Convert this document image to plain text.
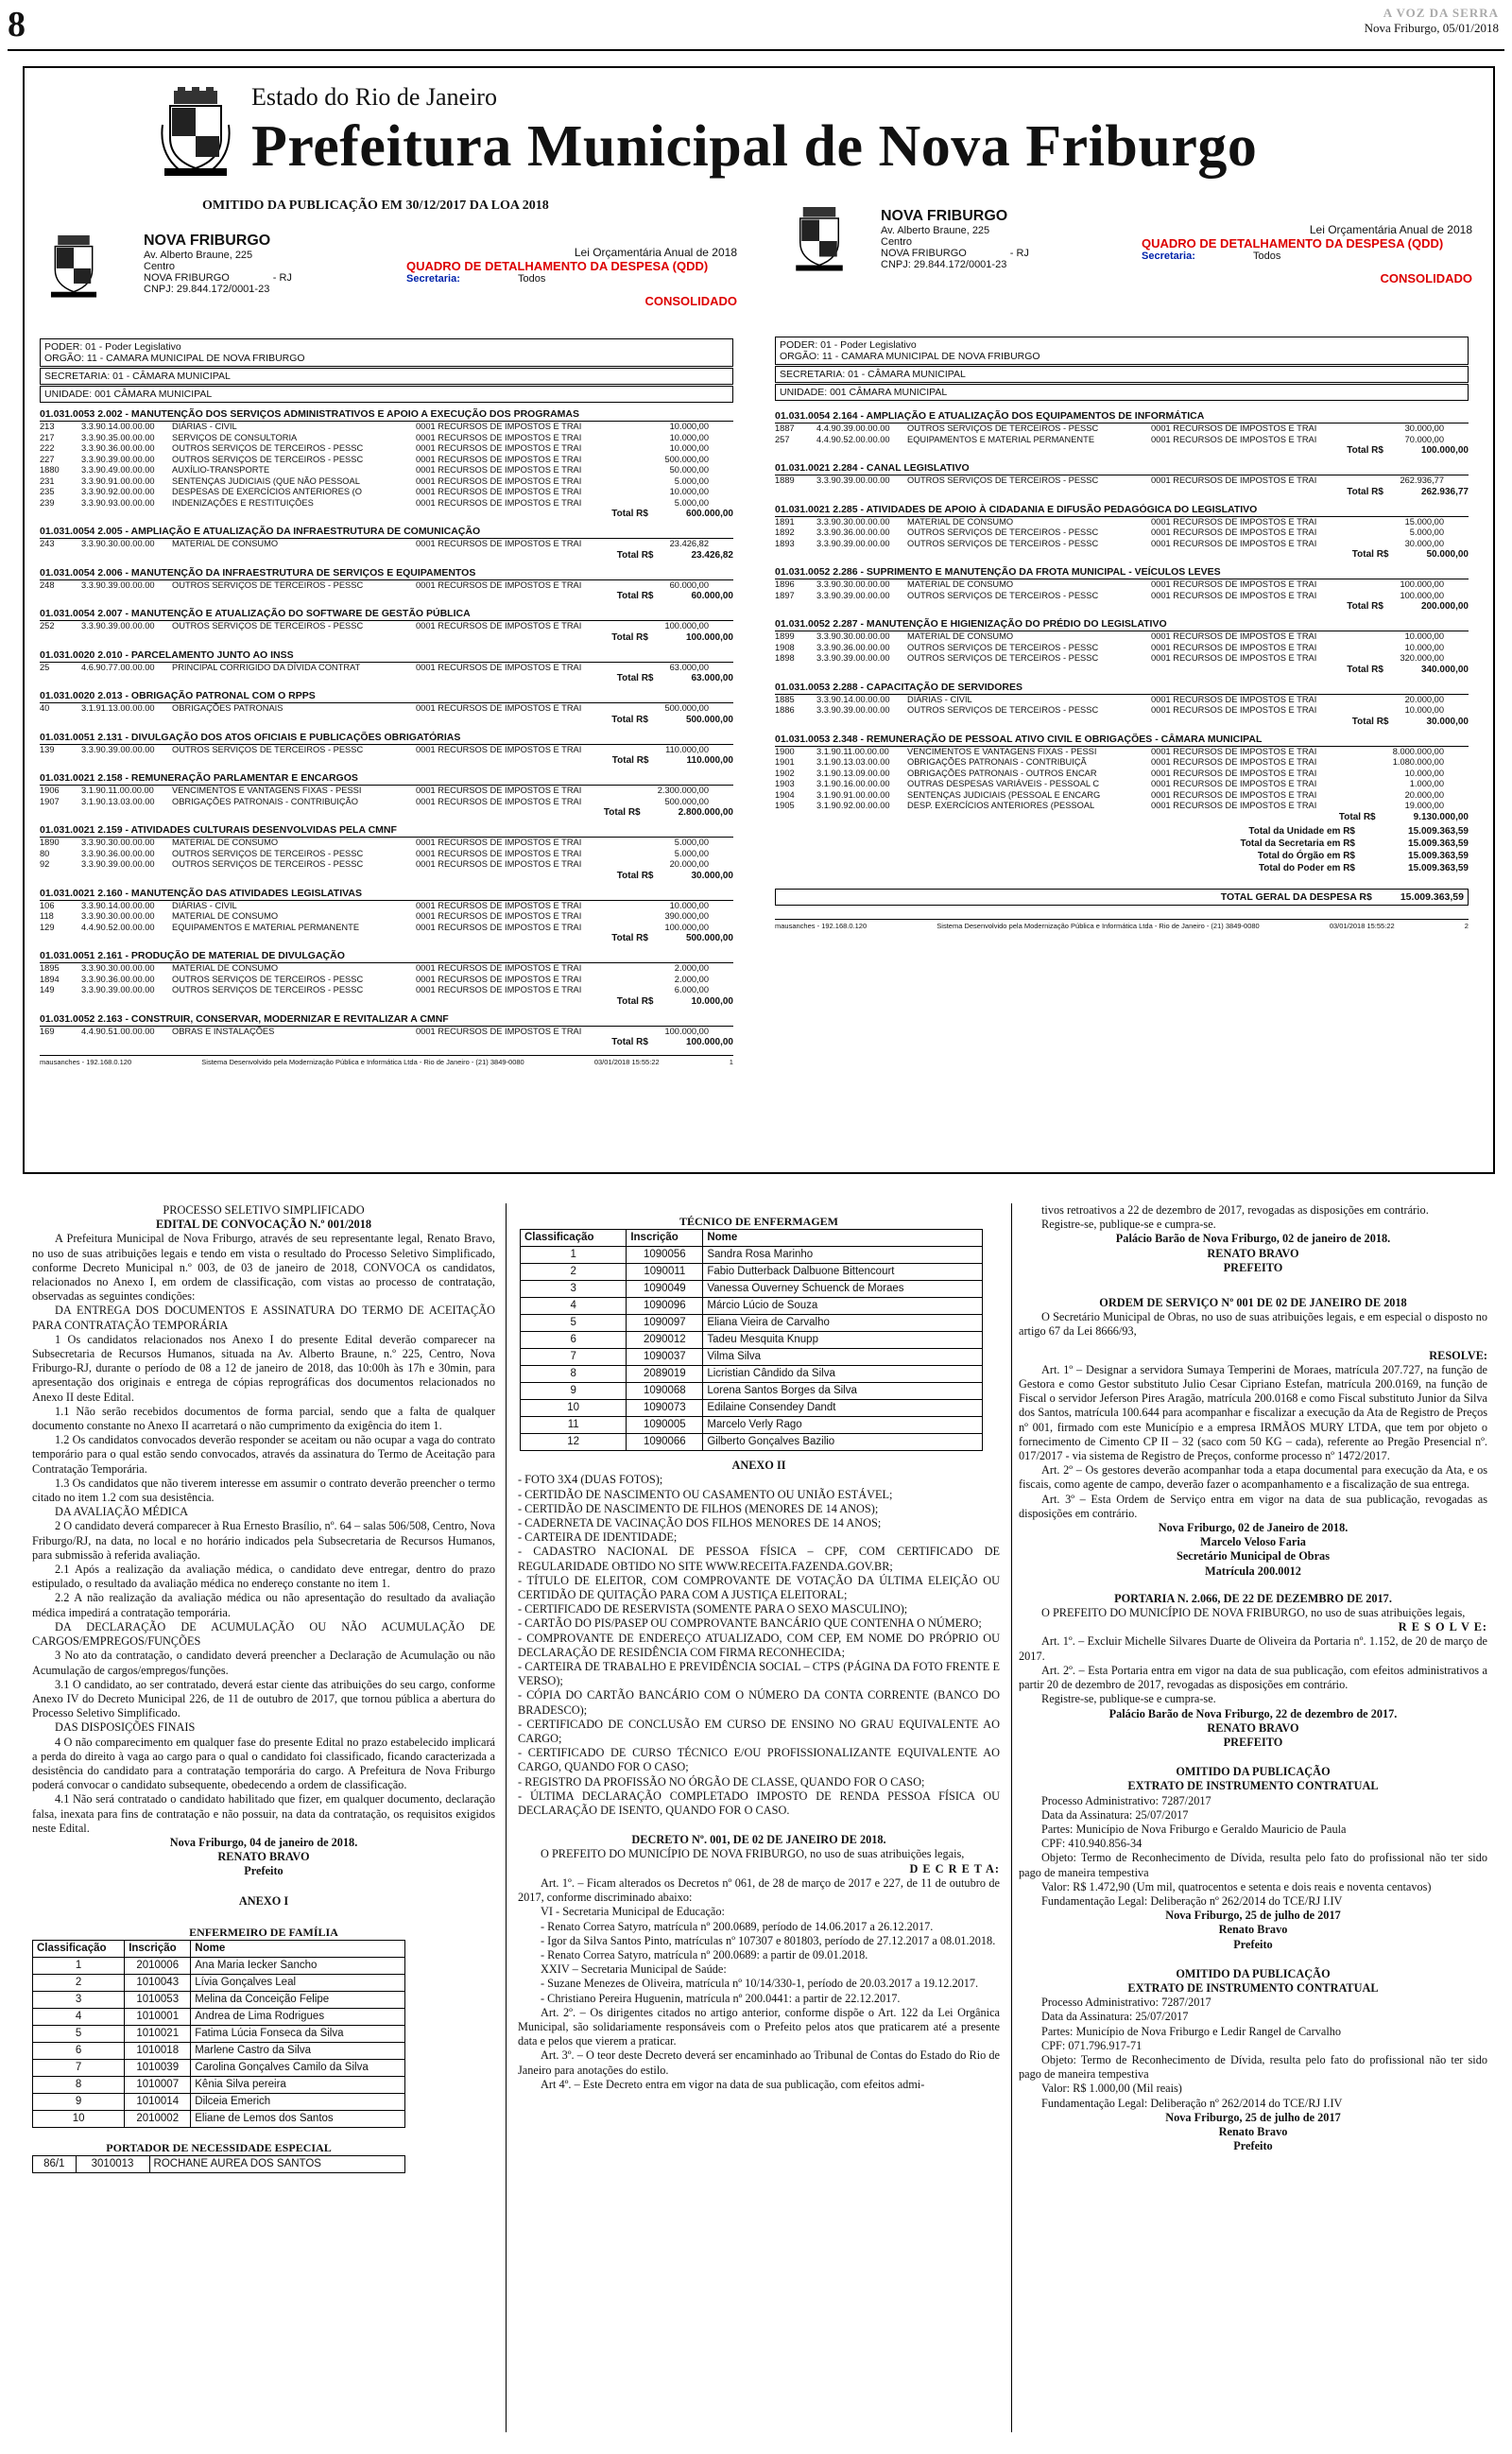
8	A VOZ DA SERRA
Nova Friburgo, 05/01/2018
Estado do Rio de Janeiro
Prefeitura Municipal de Nova Friburgo
OMITIDO DA PUBLICAÇÃO EM 30/12/2017 DA LOA 2018
NOVA FRIBURGO
Av. Alberto Braune, 225
Centro
NOVA FRIBURGO	- RJ
CNPJ: 29.844.172/0001-23
Lei Orçamentária Anual de 2018
QUADRO DE DETALHAMENTO DA DESPESA (QDD)
Secretaria:	Todos
CONSOLIDADO
PODER: 01 - Poder Legislativo
ORGÃO: 11 - CAMARA MUNICIPAL DE NOVA FRIBURGO
SECRETARIA: 01 - CÂMARA MUNICIPAL
UNIDADE: 001 CÂMARA MUNICIPAL
01.031.0053 2.002 - MANUTENÇÃO DOS SERVIÇOS ADMINISTRATIVOS E APOIO A EXECUÇÃO DOS PROGRAMAS
213	3.3.90.14.00.00.00	DIÁRIAS - CIVIL	0001 RECURSOS DE IMPOSTOS E TRAI	10.000,00
217	3.3.90.35.00.00.00	SERVIÇOS DE CONSULTORIA	0001 RECURSOS DE IMPOSTOS E TRAI	10.000,00
222	3.3.90.36.00.00.00	OUTROS SERVIÇOS DE TERCEIROS - PESSC	0001 RECURSOS DE IMPOSTOS E TRAI	10.000,00
227	3.3.90.39.00.00.00	OUTROS SERVIÇOS DE TERCEIROS - PESSC	0001 RECURSOS DE IMPOSTOS E TRAI	500.000,00
1880	3.3.90.49.00.00.00	AUXÍLIO-TRANSPORTE	0001 RECURSOS DE IMPOSTOS E TRAI	50.000,00
231	3.3.90.91.00.00.00	SENTENÇAS JUDICIAIS (QUE NÃO PESSOAL	0001 RECURSOS DE IMPOSTOS E TRAI	5.000,00
235	3.3.90.92.00.00.00	DESPESAS DE EXERCÍCIOS ANTERIORES (O	0001 RECURSOS DE IMPOSTOS E TRAI	10.000,00
239	3.3.90.93.00.00.00	INDENIZAÇÕES E RESTITUIÇÕES	0001 RECURSOS DE IMPOSTOS E TRAI	5.000,00
Total R$	600.000,00
01.031.0054 2.005 - AMPLIAÇÃO E ATUALIZAÇÃO DA INFRAESTRUTURA DE COMUNICAÇÃO
243	3.3.90.30.00.00.00	MATERIAL DE CONSUMO	0001 RECURSOS DE IMPOSTOS E TRAI	23.426,82
Total R$	23.426,82
01.031.0054 2.006 - MANUTENÇÃO DA INFRAESTRUTURA DE SERVIÇOS E EQUIPAMENTOS
248	3.3.90.39.00.00.00	OUTROS SERVIÇOS DE TERCEIROS - PESSC	0001 RECURSOS DE IMPOSTOS E TRAI	60.000,00
Total R$	60.000,00
01.031.0054 2.007 - MANUTENÇÃO E ATUALIZAÇÃO DO SOFTWARE DE GESTÃO PÚBLICA
252	3.3.90.39.00.00.00	OUTROS SERVIÇOS DE TERCEIROS - PESSC	0001 RECURSOS DE IMPOSTOS E TRAI	100.000,00
Total R$	100.000,00
01.031.0020 2.010 - PARCELAMENTO JUNTO AO INSS
25	4.6.90.77.00.00.00	PRINCIPAL CORRIGIDO DA DÍVIDA CONTRAT	0001 RECURSOS DE IMPOSTOS E TRAI	63.000,00
Total R$	63.000,00
01.031.0020 2.013 - OBRIGAÇÃO PATRONAL COM O RPPS
40	3.1.91.13.00.00.00	OBRIGAÇÕES PATRONAIS	0001 RECURSOS DE IMPOSTOS E TRAI	500.000,00
Total R$	500.000,00
01.031.0051 2.131 - DIVULGAÇÃO DOS ATOS OFICIAIS E PUBLICAÇÕES OBRIGATÓRIAS
139	3.3.90.39.00.00.00	OUTROS SERVIÇOS DE TERCEIROS - PESSC	0001 RECURSOS DE IMPOSTOS E TRAI	110.000,00
Total R$	110.000,00
01.031.0021 2.158 - REMUNERAÇÃO PARLAMENTAR E ENCARGOS
1906	3.1.90.11.00.00.00	VENCIMENTOS E VANTAGENS FIXAS - PESSI	0001 RECURSOS DE IMPOSTOS E TRAI	2.300.000,00
1907	3.1.90.13.03.00.00	OBRIGAÇÕES PATRONAIS - CONTRIBUIÇÃO	0001 RECURSOS DE IMPOSTOS E TRAI	500.000,00
Total R$	2.800.000,00
01.031.0021 2.159 - ATIVIDADES CULTURAIS DESENVOLVIDAS PELA CMNF
1890	3.3.90.30.00.00.00	MATERIAL DE CONSUMO	0001 RECURSOS DE IMPOSTOS E TRAI	5.000,00
80	3.3.90.36.00.00.00	OUTROS SERVIÇOS DE TERCEIROS - PESSC	0001 RECURSOS DE IMPOSTOS E TRAI	5.000,00
92	3.3.90.39.00.00.00	OUTROS SERVIÇOS DE TERCEIROS - PESSC	0001 RECURSOS DE IMPOSTOS E TRAI	20.000,00
Total R$	30.000,00
01.031.0021 2.160 - MANUTENÇÃO DAS ATIVIDADES LEGISLATIVAS
106	3.3.90.14.00.00.00	DIÁRIAS - CIVIL	0001 RECURSOS DE IMPOSTOS E TRAI	10.000,00
118	3.3.90.30.00.00.00	MATERIAL DE CONSUMO	0001 RECURSOS DE IMPOSTOS E TRAI	390.000,00
129	4.4.90.52.00.00.00	EQUIPAMENTOS E MATERIAL PERMANENTE	0001 RECURSOS DE IMPOSTOS E TRAI	100.000,00
Total R$	500.000,00
01.031.0051 2.161 - PRODUÇÃO DE MATERIAL DE DIVULGAÇÃO
1895	3.3.90.30.00.00.00	MATERIAL DE CONSUMO	0001 RECURSOS DE IMPOSTOS E TRAI	2.000,00
1894	3.3.90.36.00.00.00	OUTROS SERVIÇOS DE TERCEIROS - PESSC	0001 RECURSOS DE IMPOSTOS E TRAI	2.000,00
149	3.3.90.39.00.00.00	OUTROS SERVIÇOS DE TERCEIROS - PESSC	0001 RECURSOS DE IMPOSTOS E TRAI	6.000,00
Total R$	10.000,00
01.031.0052 2.163 - CONSTRUIR, CONSERVAR, MODERNIZAR E REVITALIZAR A CMNF
169	4.4.90.51.00.00.00	OBRAS E INSTALAÇÕES	0001 RECURSOS DE IMPOSTOS E TRAI	100.000,00
Total R$	100.000,00
mausanches - 192.168.0.120	Sistema Desenvolvido pela Modernização Pública e Informática Ltda - Rio de Janeiro - (21) 3849-0080	03/01/2018 15:55:22	1
NOVA FRIBURGO
Av. Alberto Braune, 225
Centro
NOVA FRIBURGO	- RJ
CNPJ: 29.844.172/0001-23
Lei Orçamentária Anual de 2018
QUADRO DE DETALHAMENTO DA DESPESA (QDD)
Secretaria:	Todos
CONSOLIDADO
PODER: 01 - Poder Legislativo
ORGÃO: 11 - CAMARA MUNICIPAL DE NOVA FRIBURGO
SECRETARIA: 01 - CÂMARA MUNICIPAL
UNIDADE: 001 CÂMARA MUNICIPAL
01.031.0054 2.164 - AMPLIAÇÃO E ATUALIZAÇÃO DOS EQUIPAMENTOS DE INFORMÁTICA
1887	4.4.90.39.00.00.00	OUTROS SERVIÇOS DE TERCEIROS - PESSC	0001 RECURSOS DE IMPOSTOS E TRAI	30.000,00
257	4.4.90.52.00.00.00	EQUIPAMENTOS E MATERIAL PERMANENTE	0001 RECURSOS DE IMPOSTOS E TRAI	70.000,00
Total R$	100.000,00
01.031.0021 2.284 - CANAL LEGISLATIVO
1889	3.3.90.39.00.00.00	OUTROS SERVIÇOS DE TERCEIROS - PESSC	0001 RECURSOS DE IMPOSTOS E TRAI	262.936,77
Total R$	262.936,77
01.031.0021 2.285 - ATIVIDADES DE APOIO À CIDADANIA E DIFUSÃO PEDAGÓGICA DO LEGISLATIVO
1891	3.3.90.30.00.00.00	MATERIAL DE CONSUMO	0001 RECURSOS DE IMPOSTOS E TRAI	15.000,00
1892	3.3.90.36.00.00.00	OUTROS SERVIÇOS DE TERCEIROS - PESSC	0001 RECURSOS DE IMPOSTOS E TRAI	5.000,00
1893	3.3.90.39.00.00.00	OUTROS SERVIÇOS DE TERCEIROS - PESSC	0001 RECURSOS DE IMPOSTOS E TRAI	30.000,00
Total R$	50.000,00
01.031.0052 2.286 - SUPRIMENTO E MANUTENÇÃO DA FROTA MUNICIPAL - VEÍCULOS LEVES
1896	3.3.90.30.00.00.00	MATERIAL DE CONSUMO	0001 RECURSOS DE IMPOSTOS E TRAI	100.000,00
1897	3.3.90.39.00.00.00	OUTROS SERVIÇOS DE TERCEIROS - PESSC	0001 RECURSOS DE IMPOSTOS E TRAI	100.000,00
Total R$	200.000,00
01.031.0052 2.287 - MANUTENÇÃO E HIGIENIZAÇÃO DO PRÉDIO DO LEGISLATIVO
1899	3.3.90.30.00.00.00	MATERIAL DE CONSUMO	0001 RECURSOS DE IMPOSTOS E TRAI	10.000,00
1908	3.3.90.36.00.00.00	OUTROS SERVIÇOS DE TERCEIROS - PESSC	0001 RECURSOS DE IMPOSTOS E TRAI	10.000,00
1898	3.3.90.39.00.00.00	OUTROS SERVIÇOS DE TERCEIROS - PESSC	0001 RECURSOS DE IMPOSTOS E TRAI	320.000,00
Total R$	340.000,00
01.031.0053 2.288 - CAPACITAÇÃO DE SERVIDORES
1885	3.3.90.14.00.00.00	DIÁRIAS - CIVIL	0001 RECURSOS DE IMPOSTOS E TRAI	20.000,00
1886	3.3.90.39.00.00.00	OUTROS SERVIÇOS DE TERCEIROS - PESSC	0001 RECURSOS DE IMPOSTOS E TRAI	10.000,00
Total R$	30.000,00
01.031.0053 2.348 - REMUNERAÇÃO DE PESSOAL ATIVO CIVIL E OBRIGAÇÕES - CÂMARA MUNICIPAL
1900	3.1.90.11.00.00.00	VENCIMENTOS E VANTAGENS FIXAS - PESSI	0001 RECURSOS DE IMPOSTOS E TRAI	8.000.000,00
1901	3.1.90.13.03.00.00	OBRIGAÇÕES PATRONAIS - CONTRIBUIÇÃ	0001 RECURSOS DE IMPOSTOS E TRAI	1.080.000,00
1902	3.1.90.13.09.00.00	OBRIGAÇÕES PATRONAIS - OUTROS ENCAR	0001 RECURSOS DE IMPOSTOS E TRAI	10.000,00
1903	3.1.90.16.00.00.00	OUTRAS DESPESAS VARIÁVEIS - PESSOAL C	0001 RECURSOS DE IMPOSTOS E TRAI	1.000,00
1904	3.1.90.91.00.00.00	SENTENÇAS JUDICIAIS (PESSOAL E ENCARG	0001 RECURSOS DE IMPOSTOS E TRAI	20.000,00
1905	3.1.90.92.00.00.00	DESP. EXERCÍCIOS ANTERIORES (PESSOAL	0001 RECURSOS DE IMPOSTOS E TRAI	19.000,00
Total R$	9.130.000,00
Total da Unidade em R$	15.009.363,59
Total da Secretaria em R$	15.009.363,59
Total do Órgão em R$	15.009.363,59
Total do Poder em R$	15.009.363,59
TOTAL GERAL DA DESPESA R$	15.009.363,59
mausanches - 192.168.0.120	Sistema Desenvolvido pela Modernização Pública e Informática Ltda - Rio de Janeiro - (21) 3849-0080	03/01/2018 15:55:22	2
PROCESSO SELETIVO SIMPLIFICADO
EDITAL DE CONVOCAÇÃO N.º 001/2018

A Prefeitura Municipal de Nova Friburgo, através de seu representante legal, Renato Bravo, no uso de suas atribuições legais e tendo em vista o resultado do Processo Seletivo Simplificado, conforme Decreto Municipal n.º 003, de 03 de janeiro de 2018, CONVOCA os candidatos, relacionados no Anexo I, em ordem de classificação, com vistas ao processo de contratação, observadas as seguintes condições:

DA ENTREGA DOS DOCUMENTOS E ASSINATURA DO TERMO DE ACEITAÇÃO PARA CONTRATAÇÃO TEMPORÁRIA

1 Os candidatos relacionados nos Anexo I do presente Edital deverão comparecer na Subsecretaria de Recursos Humanos, situada na Av. Alberto Braune, n.º 225, Centro, Nova Friburgo-RJ, durante o período de 08 a 12 de janeiro de 2018, das 10:00h às 17h e 30min, para apresentação dos originais e entrega de cópias reprográficas dos documentos relacionados no Anexo II deste Edital.

1.1 Não serão recebidos documentos de forma parcial, sendo que a falta de qualquer documento constante no Anexo II acarretará o não cumprimento da exigência do item 1.

1.2 Os candidatos convocados deverão responder se aceitam ou não ocupar a vaga do contrato temporário para o qual estão sendo convocados, através da assinatura do Termo de Aceitação para Contratação Temporária.

1.3 Os candidatos que não tiverem interesse em assumir o contrato deverão preencher o termo citado no item 1.2 com sua desistência.

DA AVALIAÇÃO MÉDICA

2 O candidato deverá comparecer à Rua Ernesto Brasílio, nº. 64 – salas 506/508, Centro, Nova Friburgo/RJ, na data, no local e no horário indicados pela Subsecretaria de Recursos Humanos, para submissão à referida avaliação.

2.1 Após a realização da avaliação médica, o candidato deve entregar, dentro do prazo estipulado, o resultado da avaliação médica no endereço constante no item 1.

2.2 A não realização da avaliação médica ou não apresentação do resultado da avaliação médica impedirá a contratação temporária.

DA DECLARAÇÃO DE ACUMULAÇÃO OU NÃO ACUMULAÇÃO DE CARGOS/EMPREGOS/FUNÇÕES

3 No ato da contratação, o candidato deverá preencher a Declaração de Acumulação ou não Acumulação de cargos/empregos/funções.

3.1 O candidato, ao ser contratado, deverá estar ciente das atribuições do seu cargo, conforme Anexo IV do Decreto Municipal 226, de 11 de outubro de 2017, que tornou pública a abertura do Processo Seletivo Simplificado.

DAS DISPOSIÇÕES FINAIS

4 O não comparecimento em qualquer fase do presente Edital no prazo estabelecido implicará a perda do direito à vaga ao cargo para o qual o candidato foi classificado, ficando caracterizada a desistência do candidato para a contratação temporária do cargo. A Prefeitura de Nova Friburgo poderá convocar o candidato subsequente, obedecendo a ordem de classificação.

4.1 Não será contratado o candidato habilitado que fizer, em qualquer documento, declaração falsa, inexata para fins de contratação e não possuir, na data da contratação, os requisitos exigidos neste Edital.

Nova Friburgo, 04 de janeiro de 2018.
RENATO BRAVO
Prefeito
ANEXO I
ENFERMEIRO DE FAMÍLIA
Classificação	Inscrição	Nome
1	2010006	Ana Maria Iecker Sancho
2	1010043	Lívia Gonçalves Leal
3	1010053	Melina da Conceição Felipe
4	1010001	Andrea de Lima Rodrigues
5	1010021	Fatima Lúcia Fonseca da Silva
6	1010018	Marlene Castro da Silva
7	1010039	Carolina Gonçalves Camilo da Silva
8	1010007	Kênia Silva pereira
9	1010014	Dilceia Emerich
10	2010002	Eliane de Lemos dos Santos
PORTADOR DE NECESSIDADE ESPECIAL
86/1	3010013	ROCHANE AUREA DOS SANTOS
TÉCNICO DE ENFERMAGEM
Classificação	Inscrição	Nome
1	1090056	Sandra Rosa Marinho
2	1090011	Fabio Dutterback Dalbuone Bittencourt
3	1090049	Vanessa Ouverney Schuenck de Moraes
4	1090096	Márcio Lúcio de Souza
5	1090097	Eliana Vieira de Carvalho
6	2090012	Tadeu Mesquita Knupp
7	1090037	Vilma Silva
8	2089019	Licristian Cândido da Silva
9	1090068	Lorena Santos Borges da Silva
10	1090073	Edilaine Consendey Dandt
11	1090005	Marcelo Verly Rago
12	1090066	Gilberto Gonçalves Bazilio
ANEXO II
- FOTO 3X4 (DUAS FOTOS);
- CERTIDÃO DE NASCIMENTO OU CASAMENTO OU UNIÃO ESTÁVEL;
- CERTIDÃO DE NASCIMENTO DE FILHOS (MENORES DE 14 ANOS);
- CADERNETA DE VACINAÇÃO DOS FILHOS MENORES DE 14 ANOS;
- CARTEIRA DE IDENTIDADE;
- CADASTRO NACIONAL DE PESSOA FÍSICA – CPF, COM CERTIFICADO DE REGULARIDADE OBTIDO NO SITE WWW.RECEITA.FAZENDA.GOV.BR;
- TÍTULO DE ELEITOR, COM COMPROVANTE DE VOTAÇÃO DA ÚLTIMA ELEIÇÃO OU CERTIDÃO DE QUITAÇÃO PARA COM A JUSTIÇA ELEITORAL;
- CERTIFICADO DE RESERVISTA (SOMENTE PARA O SEXO MASCULINO);
- CARTÃO DO PIS/PASEP OU COMPROVANTE BANCÁRIO QUE CONTENHA O NÚMERO;
- COMPROVANTE DE ENDEREÇO ATUALIZADO, COM CEP, EM NOME DO PRÓPRIO OU DECLARAÇÃO DE RESIDÊNCIA COM FIRMA RECONHECIDA;
- CARTEIRA DE TRABALHO E PREVIDÊNCIA SOCIAL – CTPS (PÁGINA DA FOTO FRENTE E VERSO);
- CÓPIA DO CARTÃO BANCÁRIO COM O NÚMERO DA CONTA CORRENTE (BANCO DO BRADESCO);
- CERTIFICADO DE CONCLUSÃO EM CURSO DE ENSINO NO GRAU EQUIVALENTE AO CARGO;
- CERTIFICADO DE CURSO TÉCNICO E/OU PROFISSIONALIZANTE EQUIVALENTE AO CARGO, QUANDO FOR O CASO;
- REGISTRO DA PROFISSÃO NO ÓRGÃO DE CLASSE, QUANDO FOR O CASO;
- ÚLTIMA DECLARAÇÃO COMPLETADO IMPOSTO DE RENDA PESSOA FÍSICA OU DECLARAÇÃO DE ISENTO, QUANDO FOR O CASO.
DECRETO Nº. 001, DE 02 DE JANEIRO DE 2018.

O PREFEITO DO MUNICÍPIO DE NOVA FRIBURGO, no uso de suas atribuições legais,

D E C R E T A:

Art. 1º. – Ficam alterados os Decretos nº 061, de 28 de março de 2017 e 227, de 11 de outubro de 2017, conforme discriminado abaixo:

VI - Secretaria Municipal de Educação:

- Renato Correa Satyro, matrícula nº 200.0689, período de 14.06.2017 a 26.12.2017.

- Igor da Silva Santos Pinto, matrículas nº 107307 e 801803, período de 27.12.2017 a 08.01.2018.

- Renato Correa Satyro, matrícula nº 200.0689: a partir de 09.01.2018.

XXIV – Secretaria Municipal de Saúde:

- Suzane Menezes de Oliveira, matrícula nº 10/14/330-1, período de 20.03.2017 a 19.12.2017.

- Christiano Pereira Huguenin, matrícula nº 200.0441: a partir de 22.12.2017.

Art. 2º. – Os dirigentes citados no artigo anterior, conforme dispõe o Art. 122 da Lei Orgânica Municipal, são solidariamente responsáveis com o Prefeito pelos atos que praticarem até a presente data e pelos que vierem a praticar.

Art. 3º. – O teor deste Decreto deverá ser encaminhado ao Tribunal de Contas do Estado do Rio de Janeiro para anotações do estilo.

Art 4º. – Este Decreto entra em vigor na data de sua publicação, com efeitos admi-

tivos retroativos a 22 de dezembro de 2017, revogadas as disposições em contrário.

Registre-se, publique-se e cumpra-se.

Palácio Barão de Nova Friburgo, 02 de janeiro de 2018.
RENATO BRAVO
PREFEITO
ORDEM DE SERVIÇO Nº 001 DE 02 DE JANEIRO DE 2018

O Secretário Municipal de Obras, no uso de suas atribuições legais, e em especial o disposto no artigo 67 da Lei 8666/93,

RESOLVE:

Art. 1º – Designar a servidora Sumaya Temperini de Moraes, matrícula 207.727, na função de Gestora e como Gestor substituto Julio Cesar Cipriano Estefan, matrícula 200.0169, na função de Fiscal o servidor Jeferson Pires Aragão, matrícula 200.0168 e como Fiscal substituto Junior da Silva dos Santos, matrícula 100.644 para acompanhar e fiscalizar a execução da Ata de Registro de Preços nº 001, firmado com este Município e a empresa IRMÃOS MURY LTDA, que tem por objeto o fornecimento de Cimento CP II – 32 (saco com 50 KG – cada), referente ao Pregão Presencial nº. 017/2017 - via sistema de Registro de Preços, conforme processo nº 1472/2017.

Art. 2º – Os gestores deverão acompanhar toda a etapa documental para execução da Ata, e os fiscais, como agente de campo, deverão fazer o acompanhamento e a fiscalização de sua entrega.

Art. 3º – Esta Ordem de Serviço entra em vigor na data de sua publicação, revogadas as disposições em contrário.

Nova Friburgo, 02 de Janeiro de 2018.
Marcelo Veloso Faria
Secretário Municipal de Obras
Matrícula 200.0012
PORTARIA N. 2.066, DE 22 DE DEZEMBRO DE 2017.

O PREFEITO DO MUNICÍPIO DE NOVA FRIBURGO, no uso de suas atribuições legais,

R E S O L V E:

Art. 1º. – Excluir Michelle Silvares Duarte de Oliveira da Portaria nº. 1.152, de 20 de março de 2017.

Art. 2º. – Esta Portaria entra em vigor na data de sua publicação, com efeitos administrativos a partir 20 de dezembro de 2017, revogadas as disposições em contrário.

Registre-se, publique-se e cumpra-se.

Palácio Barão de Nova Friburgo, 22 de dezembro de 2017.
RENATO BRAVO
PREFEITO
OMITIDO DA PUBLICAÇÃO
EXTRATO DE INSTRUMENTO CONTRATUAL

Processo Administrativo: 7287/2017

Data da Assinatura: 25/07/2017

Partes: Município de Nova Friburgo e Geraldo Mauricio de Paula

CPF: 410.940.856-34

Objeto: Termo de Reconhecimento de Dívida, resulta pelo fato do profissional não ter sido pago de maneira tempestiva

Valor: R$ 1.472,90 (Um mil, quatrocentos e setenta e dois reais e noventa centavos)

Fundamentação Legal: Deliberação nº 262/2014 do TCE/RJ I.IV

Nova Friburgo, 25 de julho de 2017
Renato Bravo
Prefeito
OMITIDO DA PUBLICAÇÃO
EXTRATO DE INSTRUMENTO CONTRATUAL

Processo Administrativo: 7287/2017

Data da Assinatura: 25/07/2017

Partes: Município de Nova Friburgo e Ledir Rangel de Carvalho

CPF: 071.796.917-71

Objeto: Termo de Reconhecimento de Dívida, resulta pelo fato do profissional não ter sido pago de maneira tempestiva

Valor: R$ 1.000,00 (Mil reais)

Fundamentação Legal: Deliberação nº 262/2014 do TCE/RJ I.IV

Nova Friburgo, 25 de julho de 2017
Renato Bravo
Prefeito
